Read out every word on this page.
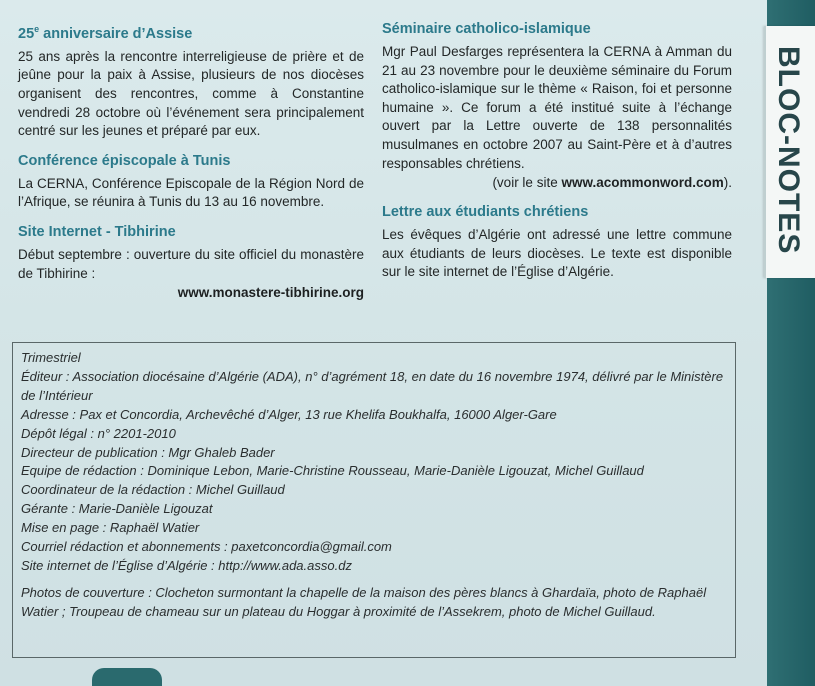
BLOC-NOTES
25e anniversaire d’Assise

25 ans après la rencontre interreligieuse de prière et de jeûne pour la paix à Assise, plusieurs de nos diocèses organisent des rencontres, comme à Constantine vendredi 28 octobre où l’événement sera principalement centré sur les jeunes et préparé par eux.

Conférence épiscopale à Tunis

La CERNA, Conférence Episcopale de la Région Nord de l’Afrique, se réunira à Tunis du 13 au 16 novembre.

Site Internet - Tibhirine

Début septembre : ouverture du site officiel du monastère de Tibhirine :

www.monastere-tibhirine.org
Séminaire catholico-islamique

Mgr Paul Desfarges représentera la CERNA à Amman du 21 au 23 novembre pour le deuxième séminaire du Forum catholico-islamique sur le thème « Raison, foi et personne humaine ». Ce forum a été institué suite à l’échange ouvert par la Lettre ouverte de 138 personnalités musulmanes en octobre 2007 au Saint-Père et à d’autres responsables chrétiens.

(voir le site www.acommonword.com).
Lettre aux étudiants chrétiens

Les évêques d’Algérie ont adressé une lettre commune aux étudiants de leurs diocèses. Le texte est disponible sur le site internet de l’Église d’Algérie.

Trimestriel
Éditeur : Association diocésaine d’Algérie (ADA), n° d’agrément 18, en date du 16 novembre 1974, délivré par le Ministère de l’Intérieur
Adresse : Pax et Concordia, Archevêché d’Alger, 13 rue Khelifa Boukhalfa, 16000 Alger-Gare
Dépôt légal : n° 2201-2010
Directeur de publication : Mgr Ghaleb Bader
Equipe de rédaction : Dominique Lebon, Marie-Christine Rousseau, Marie-Danièle Ligouzat, Michel Guillaud
Coordinateur de la rédaction : Michel Guillaud
Gérante : Marie-Danièle Ligouzat
Mise en page : Raphaël Watier
Courriel rédaction et abonnements : paxetconcordia@gmail.com
Site internet de l’Église d’Algérie : http://www.ada.asso.dz
Photos de couverture : Clocheton surmontant la chapelle de la maison des pères blancs à Ghardaïa, photo de Raphaël Watier ; Troupeau de chameau sur un plateau du Hoggar à proximité de l’Assekrem, photo de Michel Guillaud.
